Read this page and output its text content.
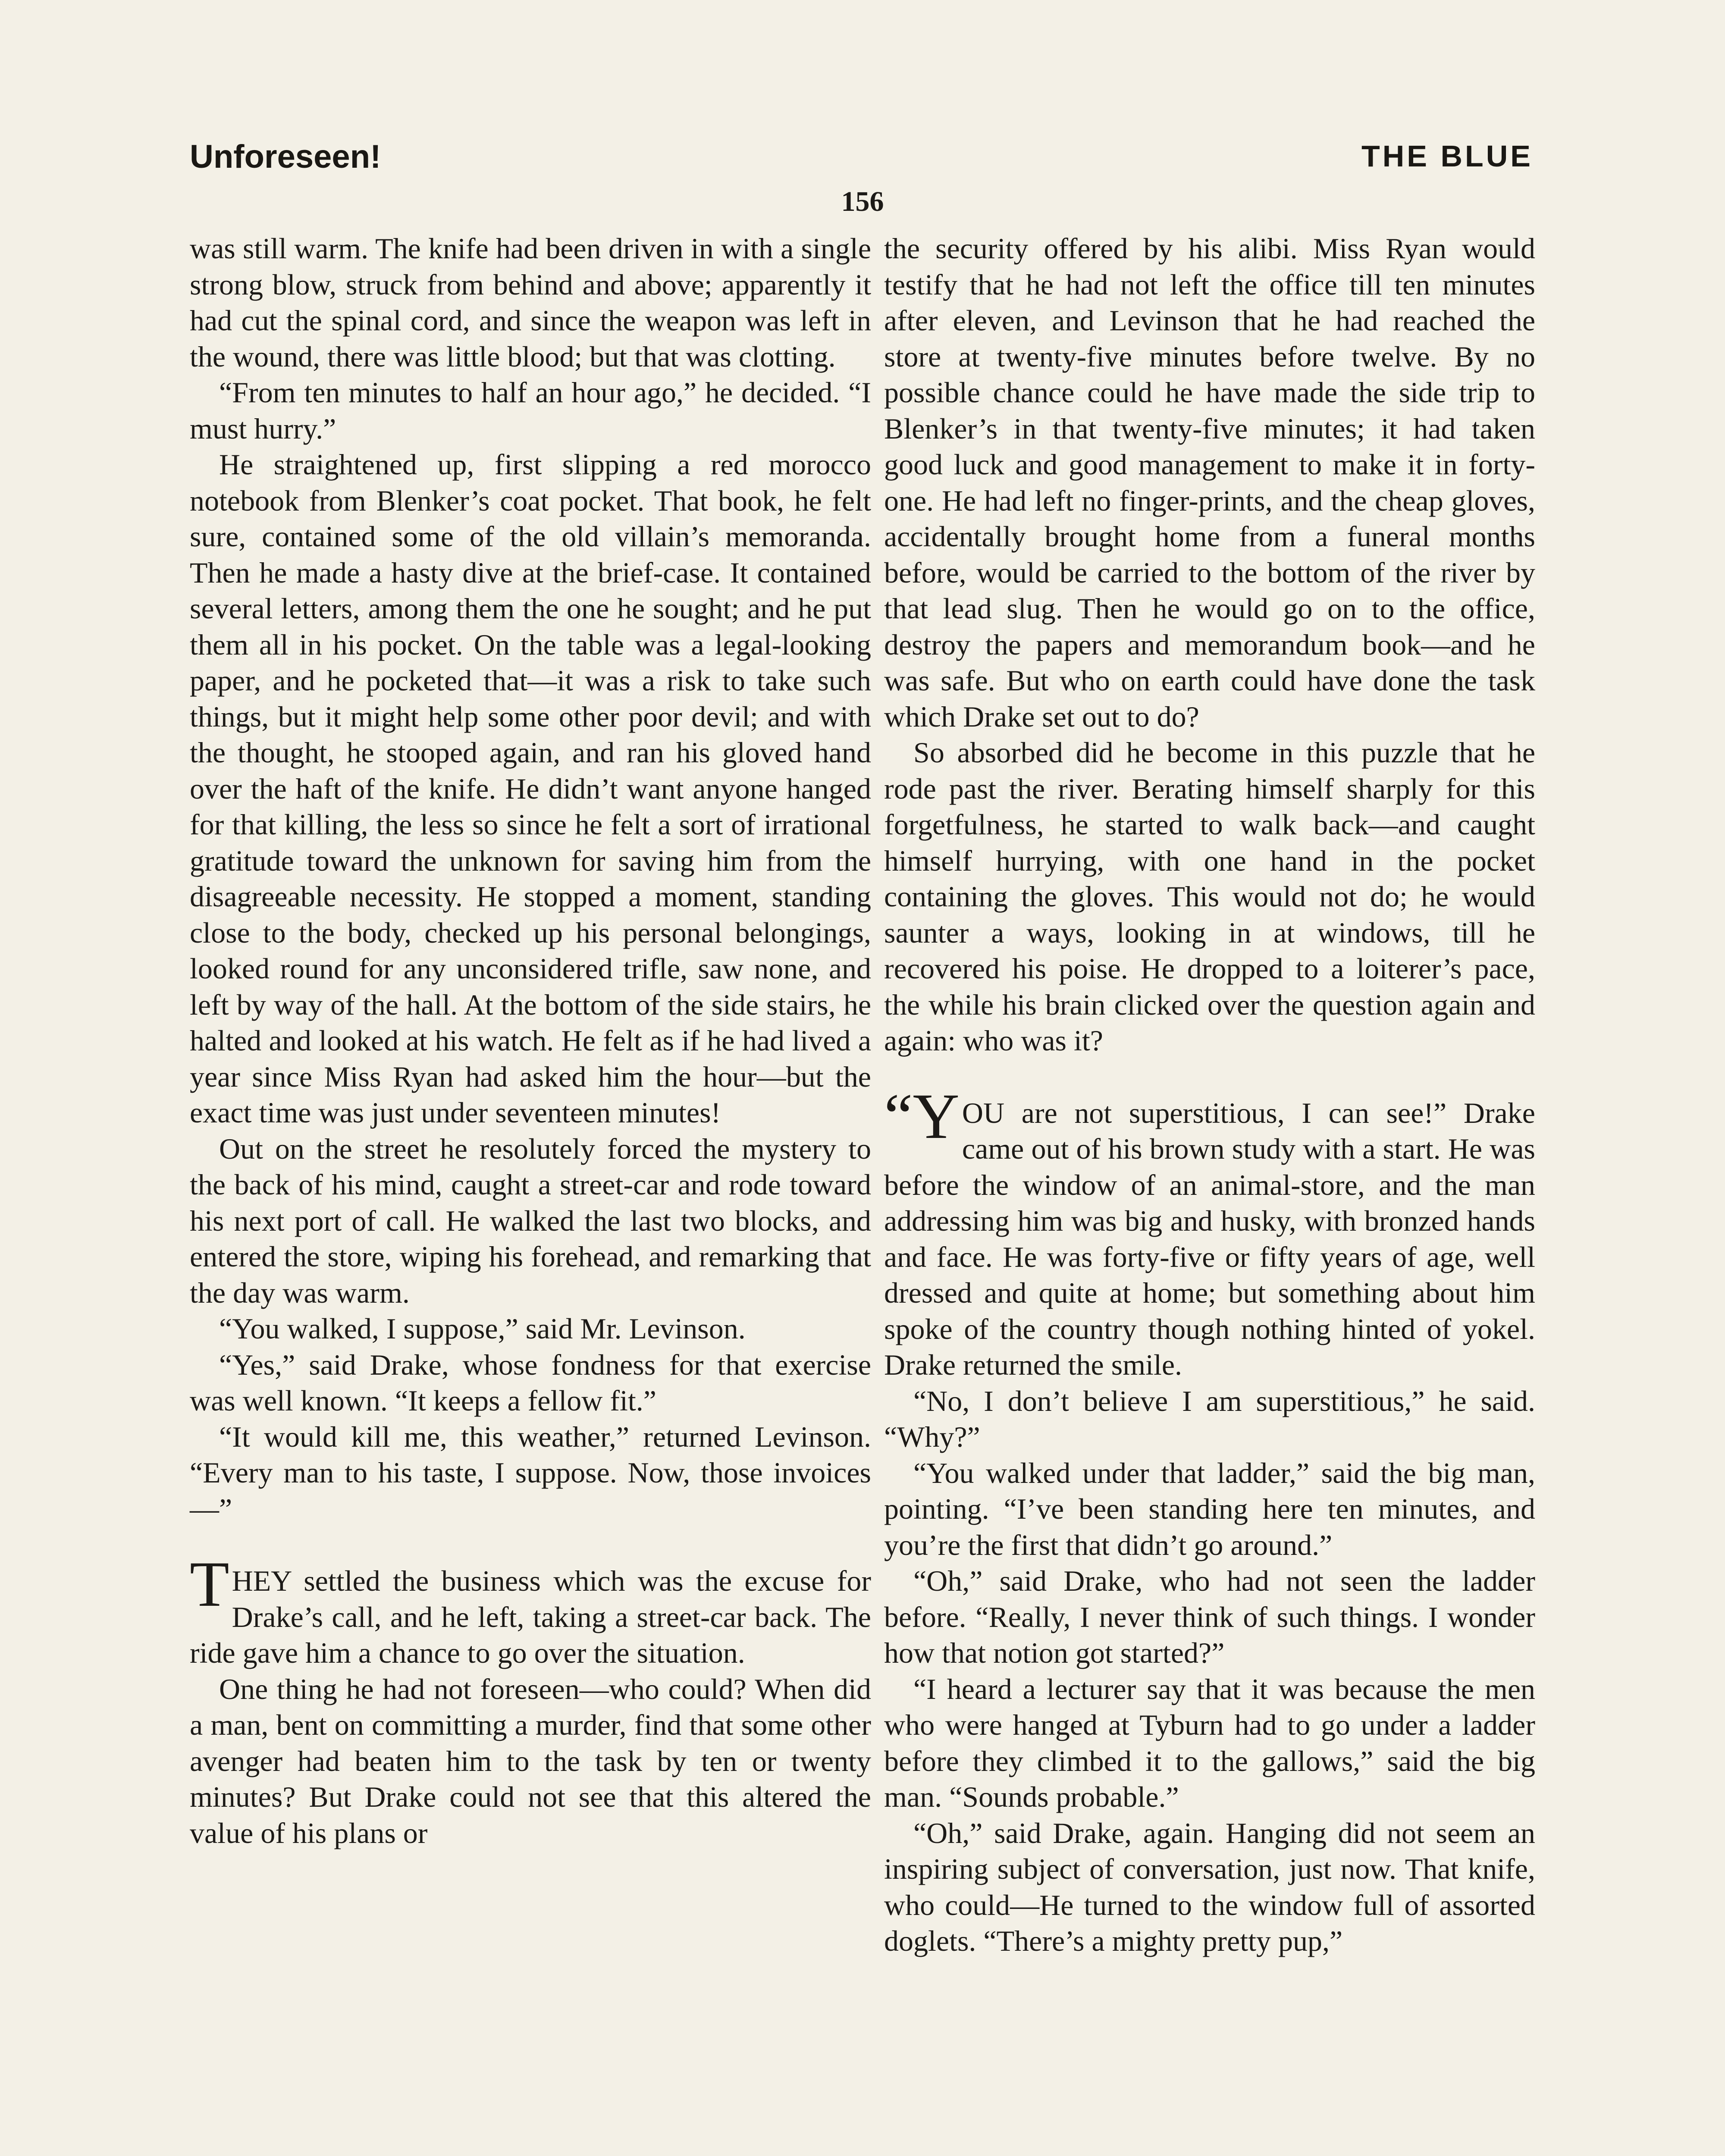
Unforeseen!	THE BLUE
156

was still warm. The knife had been driven in with a single strong blow, struck from behind and above; apparently it had cut the spinal cord, and since the weapon was left in the wound, there was little blood; but that was clotting.

“From ten minutes to half an hour ago,” he decided. “I must hurry.”

He straightened up, first slipping a red morocco notebook from Blenker’s coat pocket. That book, he felt sure, contained some of the old villain’s memoranda. Then he made a hasty dive at the brief-case. It contained several letters, among them the one he sought; and he put them all in his pocket. On the table was a legal-looking paper, and he pocketed that—it was a risk to take such things, but it might help some other poor devil; and with the thought, he stooped again, and ran his gloved hand over the haft of the knife. He didn’t want anyone hanged for that killing, the less so since he felt a sort of irrational gratitude toward the unknown for saving him from the disagreeable necessity. He stopped a moment, standing close to the body, checked up his personal belongings, looked round for any unconsidered trifle, saw none, and left by way of the hall. At the bottom of the side stairs, he halted and looked at his watch. He felt as if he had lived a year since Miss Ryan had asked him the hour—but the exact time was just under seventeen minutes!

Out on the street he resolutely forced the mystery to the back of his mind, caught a street-car and rode toward his next port of call. He walked the last two blocks, and entered the store, wiping his forehead, and remarking that the day was warm.

“You walked, I suppose,” said Mr. Levinson.

“Yes,” said Drake, whose fondness for that exercise was well known. “It keeps a fellow fit.”

“It would kill me, this weather,” returned Levinson. “Every man to his taste, I suppose. Now, those invoices—”

THEY settled the business which was the excuse for Drake’s call, and he left, taking a street-car back. The ride gave him a chance to go over the situation.

One thing he had not foreseen—who could? When did a man, bent on committing a murder, find that some other avenger had beaten him to the task by ten or twenty minutes? But Drake could not see that this altered the value of his plans or

the security offered by his alibi. Miss Ryan would testify that he had not left the office till ten minutes after eleven, and Levinson that he had reached the store at twenty-five minutes before twelve. By no possible chance could he have made the side trip to Blenker’s in that twenty-five minutes; it had taken good luck and good management to make it in forty-one. He had left no finger-prints, and the cheap gloves, accidentally brought home from a funeral months before, would be carried to the bottom of the river by that lead slug. Then he would go on to the office, destroy the papers and memorandum book—and he was safe. But who on earth could have done the task which Drake set out to do?

So absorbed did he become in this puzzle that he rode past the river. Berating himself sharply for this forgetfulness, he started to walk back—and caught himself hurrying, with one hand in the pocket containing the gloves. This would not do; he would saunter a ways, looking in at windows, till he recovered his poise. He dropped to a loiterer’s pace, the while his brain clicked over the question again and again: who was it?

“YOU are not superstitious, I can see!” Drake came out of his brown study with a start. He was before the window of an animal-store, and the man addressing him was big and husky, with bronzed hands and face. He was forty-five or fifty years of age, well dressed and quite at home; but something about him spoke of the country though nothing hinted of yokel. Drake returned the smile.

“No, I don’t believe I am superstitious,” he said. “Why?”

“You walked under that ladder,” said the big man, pointing. “I’ve been standing here ten minutes, and you’re the first that didn’t go around.”

“Oh,” said Drake, who had not seen the ladder before. “Really, I never think of such things. I wonder how that notion got started?”

“I heard a lecturer say that it was because the men who were hanged at Tyburn had to go under a ladder before they climbed it to the gallows,” said the big man. “Sounds probable.”

“Oh,” said Drake, again. Hanging did not seem an inspiring subject of conversation, just now. That knife, who could—He turned to the window full of assorted doglets. “There’s a mighty pretty pup,”
